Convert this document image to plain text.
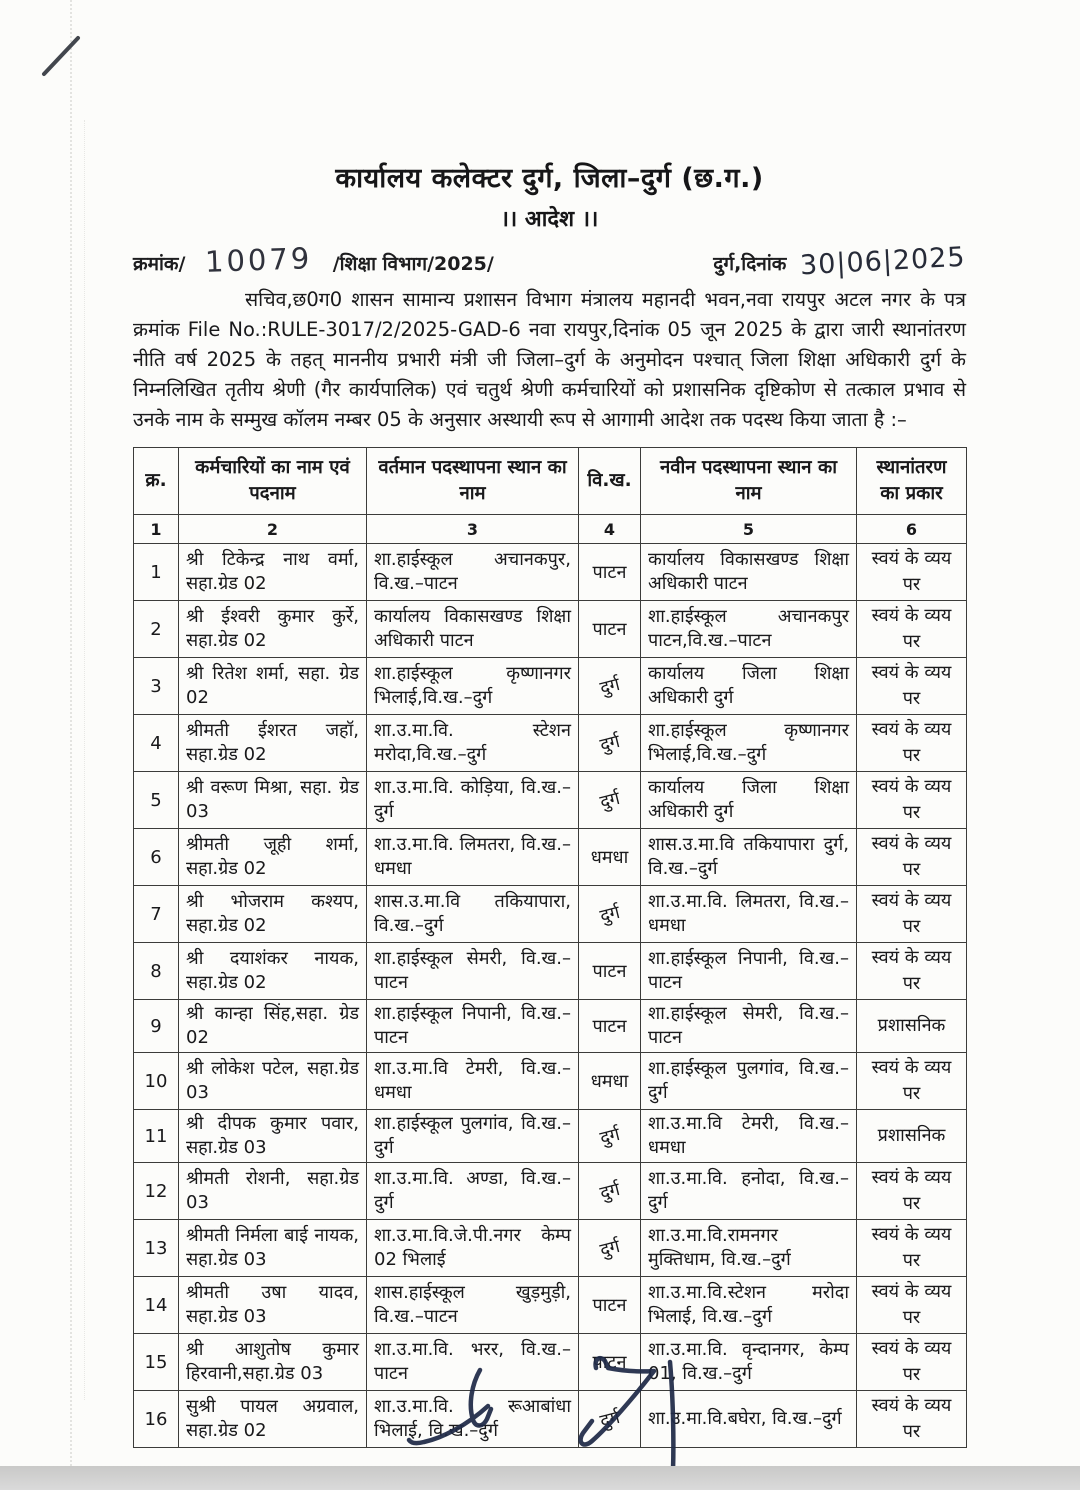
कार्यालय कलेक्टर दुर्ग, जिला–दुर्ग (छ.ग.)
।। आदेश ।।
क्रमांक/ 10079 /शिक्षा विभाग/2025/	दुर्ग,दिनांक 30|06|2025
सचिव,छ0ग0 शासन सामान्य प्रशासन विभाग मंत्रालय महानदी भवन,नवा रायपुर अटल नगर के पत्र क्रमांक File No.:RULE-3017/2/2025-GAD-6 नवा रायपुर,दिनांक 05 जून 2025 के द्वारा जारी स्थानांतरण नीति वर्ष 2025 के तहत् माननीय प्रभारी मंत्री जी जिला–दुर्ग के अनुमोदन पश्चात् जिला शिक्षा अधिकारी दुर्ग के निम्नलिखित तृतीय श्रेणी (गैर कार्यपालिक) एवं चतुर्थ श्रेणी कर्मचारियों को प्रशासनिक दृष्टिकोण से तत्काल प्रभाव से उनके नाम के सम्मुख कॉलम नम्बर 05 के अनुसार अस्थायी रूप से आगामी आदेश तक पदस्थ किया जाता है :–
क्र.	कर्मचारियों का नाम एवं पदनाम	वर्तमान पदस्थापना स्थान का नाम	वि.ख.	नवीन पदस्थापना स्थान का नाम	स्थानांतरण का प्रकार
1	2	3	4	5	6
1	श्री टिकेन्द्र नाथ वर्मा, सहा.ग्रेड 02	शा.हाईस्कूल अचानकपुर, वि.ख.–पाटन	पाटन	कार्यालय विकासखण्ड शिक्षा अधिकारी पाटन	स्वयं के व्यय पर
2	श्री ईश्वरी कुमार कुर्रे, सहा.ग्रेड 02	कार्यालय विकासखण्ड शिक्षा अधिकारी पाटन	पाटन	शा.हाईस्कूल अचानकपुर पाटन,वि.ख.–पाटन	स्वयं के व्यय पर
3	श्री रितेश शर्मा, सहा. ग्रेड 02	शा.हाईस्कूल कृष्णानगर भिलाई,वि.ख.–दुर्ग	दुर्ग	कार्यालय जिला शिक्षा अधिकारी दुर्ग	स्वयं के व्यय पर
4	श्रीमती ईशरत जहॉ, सहा.ग्रेड 02	शा.उ.मा.वि. स्टेशन मरोदा,वि.ख.–दुर्ग	दुर्ग	शा.हाईस्कूल कृष्णानगर भिलाई,वि.ख.–दुर्ग	स्वयं के व्यय पर
5	श्री वरूण मिश्रा, सहा. ग्रेड 03	शा.उ.मा.वि. कोड़िया, वि.ख.–दुर्ग	दुर्ग	कार्यालय जिला शिक्षा अधिकारी दुर्ग	स्वयं के व्यय पर
6	श्रीमती जूही शर्मा, सहा.ग्रेड 02	शा.उ.मा.वि. लिमतरा, वि.ख.–धमधा	धमधा	शास.उ.मा.वि तकियापारा दुर्ग, वि.ख.–दुर्ग	स्वयं के व्यय पर
7	श्री भोजराम कश्यप, सहा.ग्रेड 02	शास.उ.मा.वि तकियापारा, वि.ख.–दुर्ग	दुर्ग	शा.उ.मा.वि. लिमतरा, वि.ख.–धमधा	स्वयं के व्यय पर
8	श्री दयाशंकर नायक, सहा.ग्रेड 02	शा.हाईस्कूल सेमरी, वि.ख.–पाटन	पाटन	शा.हाईस्कूल निपानी, वि.ख.– पाटन	स्वयं के व्यय पर
9	श्री कान्हा सिंह,सहा. ग्रेड 02	शा.हाईस्कूल निपानी, वि.ख.– पाटन	पाटन	शा.हाईस्कूल सेमरी, वि.ख.– पाटन	प्रशासनिक
10	श्री लोकेश पटेल, सहा.ग्रेड 03	शा.उ.मा.वि टेमरी, वि.ख.–धमधा	धमधा	शा.हाईस्कूल पुलगांव, वि.ख.–दुर्ग	स्वयं के व्यय पर
11	श्री दीपक कुमार पवार, सहा.ग्रेड 03	शा.हाईस्कूल पुलगांव, वि.ख.–दुर्ग	दुर्ग	शा.उ.मा.वि टेमरी, वि.ख.–धमधा	प्रशासनिक
12	श्रीमती रोशनी, सहा.ग्रेड 03	शा.उ.मा.वि. अण्डा, वि.ख.–दुर्ग	दुर्ग	शा.उ.मा.वि. हनोदा, वि.ख.–दुर्ग	स्वयं के व्यय पर
13	श्रीमती निर्मला बाई नायक, सहा.ग्रेड 03	शा.उ.मा.वि.जे.पी.नगर केम्प 02 भिलाई	दुर्ग	शा.उ.मा.वि.रामनगर मुक्तिधाम, वि.ख.–दुर्ग	स्वयं के व्यय पर
14	श्रीमती उषा यादव, सहा.ग्रेड 03	शास.हाईस्कूल खुड़मुड़ी, वि.ख.–पाटन	पाटन	शा.उ.मा.वि.स्टेशन मरोदा भिलाई, वि.ख.–दुर्ग	स्वयं के व्यय पर
15	श्री आशुतोष कुमार हिरवानी,सहा.ग्रेड 03	शा.उ.मा.वि. भरर, वि.ख.–पाटन	पाटन	शा.उ.मा.वि. वृन्दानगर, केम्प 01, वि.ख.–दुर्ग	स्वयं के व्यय पर
16	सुश्री पायल अग्रवाल, सहा.ग्रेड 02	शा.उ.मा.वि. रूआबांधा भिलाई, वि.ख.–दुर्ग	दुर्ग	शा.उ.मा.वि.बघेरा, वि.ख.–दुर्ग	स्वयं के व्यय पर
